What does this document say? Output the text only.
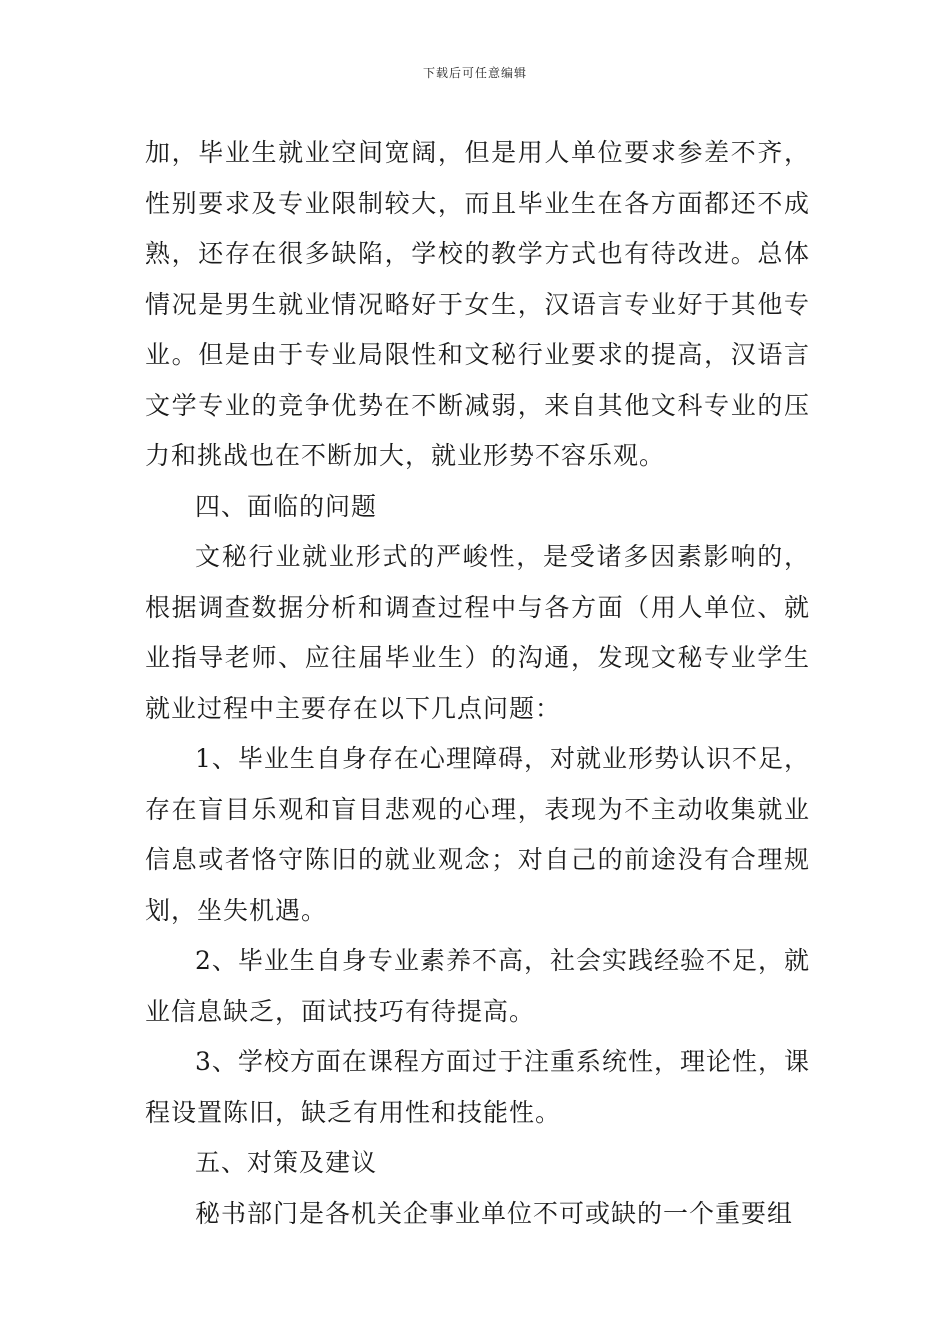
下载后可任意编辑

加，毕业生就业空间宽阔，但是用人单位要求参差不齐，性别要求及专业限制较大，而且毕业生在各方面都还不成熟，还存在很多缺陷，学校的教学方式也有待改进。总体情况是男生就业情况略好于女生，汉语言专业好于其他专业。但是由于专业局限性和文秘行业要求的提高，汉语言文学专业的竞争优势在不断减弱，来自其他文科专业的压力和挑战也在不断加大，就业形势不容乐观。

四、面临的问题

文秘行业就业形式的严峻性，是受诸多因素影响的，根据调查数据分析和调查过程中与各方面（用人单位、就业指导老师、应往届毕业生）的沟通，发现文秘专业学生就业过程中主要存在以下几点问题：

1、毕业生自身存在心理障碍，对就业形势认识不足，存在盲目乐观和盲目悲观的心理，表现为不主动收集就业信息或者恪守陈旧的就业观念；对自己的前途没有合理规划，坐失机遇。

2、毕业生自身专业素养不高，社会实践经验不足，就业信息缺乏，面试技巧有待提高。

3、学校方面在课程方面过于注重系统性，理论性，课程设置陈旧，缺乏有用性和技能性。

五、对策及建议

秘书部门是各机关企事业单位不可或缺的一个重要组
